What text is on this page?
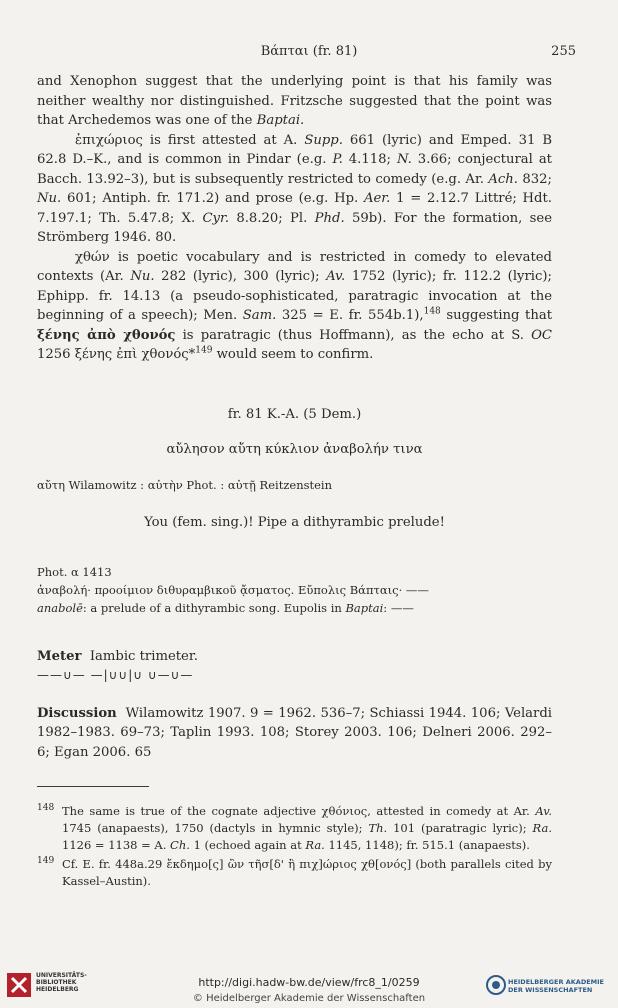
Βάπται (fr. 81)	255

and Xenophon suggest that the underlying point is that his family was neither wealthy nor distinguished. Fritzsche suggested that the point was that Archedemos was one of the Baptai.

ἐπιχώριος is first attested at A. Supp. 661 (lyric) and Emped. 31 B 62.8 D.–K., and is common in Pindar (e.g. P. 4.118; N. 3.66; conjectural at Bacch. 13.92–3), but is subsequently restricted to comedy (e.g. Ar. Ach. 832; Nu. 601; Antiph. fr. 171.2) and prose (e.g. Hp. Aer. 1 = 2.12.7 Littré; Hdt. 7.197.1; Th. 5.47.8; X. Cyr. 8.8.20; Pl. Phd. 59b). For the formation, see Strömberg 1946. 80.

χθών is poetic vocabulary and is restricted in comedy to elevated contexts (Ar. Nu. 282 (lyric), 300 (lyric); Av. 1752 (lyric); fr. 112.2 (lyric); Ephipp. fr. 14.13 (a pseudo-sophisticated, paratragic invocation at the beginning of a speech); Men. Sam. 325 = E. fr. 554b.1),$^{148}$ suggesting that ξένης ἀπὸ χθονός is paratragic (thus Hoffmann), as the echo at S. OC 1256 ξένης ἐπὶ χθονός*$^{149}$ would seem to confirm.

fr. 81 K.-A. (5 Dem.)

αὔλησον αὔτη κύκλιον ἀναβολήν τινα

αὔτη Wilamowitz : αὐτὴν Phot. : αὐτῇ Reitzenstein

You (fem. sing.)! Pipe a dithyrambic prelude!

Phot. α 1413

ἀναβολή· προοίμιον διθυραμβικοῦ ᾄσματος. Εὔπολις Βάπταις· ——

anabolē: a prelude of a dithyrambic song. Eupolis in Baptai: ——

Meter Iambic trimeter.

——∪— —|∪∪|∪ ∪—∪—

Discussion Wilamowitz 1907. 9 = 1962. 536–7; Schiassi 1944. 106; Velardi 1982–1983. 69–73; Taplin 1993. 108; Storey 2003. 106; Delneri 2006. 292–6; Egan 2006. 65

148 The same is true of the cognate adjective χθόνιος, attested in comedy at Ar. Av. 1745 (anapaests), 1750 (dactyls in hymnic style); Th. 101 (paratragic lyric); Ra. 1126 = 1138 = A. Ch. 1 (echoed again at Ra. 1145, 1148); fr. 515.1 (anapaests).

149 Cf. E. fr. 448a.29 ἔκδημο[ς] ὢν τῆσ[δ' ἢ πιχ]ώριος χθ[ονός] (both parallels cited by Kassel–Austin).

UNIVERSITÄTS-
BIBLIOTHEK
HEIDELBERG
http://digi.hadw-bw.de/view/frc8_1/0259
© Heidelberger Akademie der Wissenschaften
HEIDELBERGER AKADEMIE
DER WISSENSCHAFTEN
